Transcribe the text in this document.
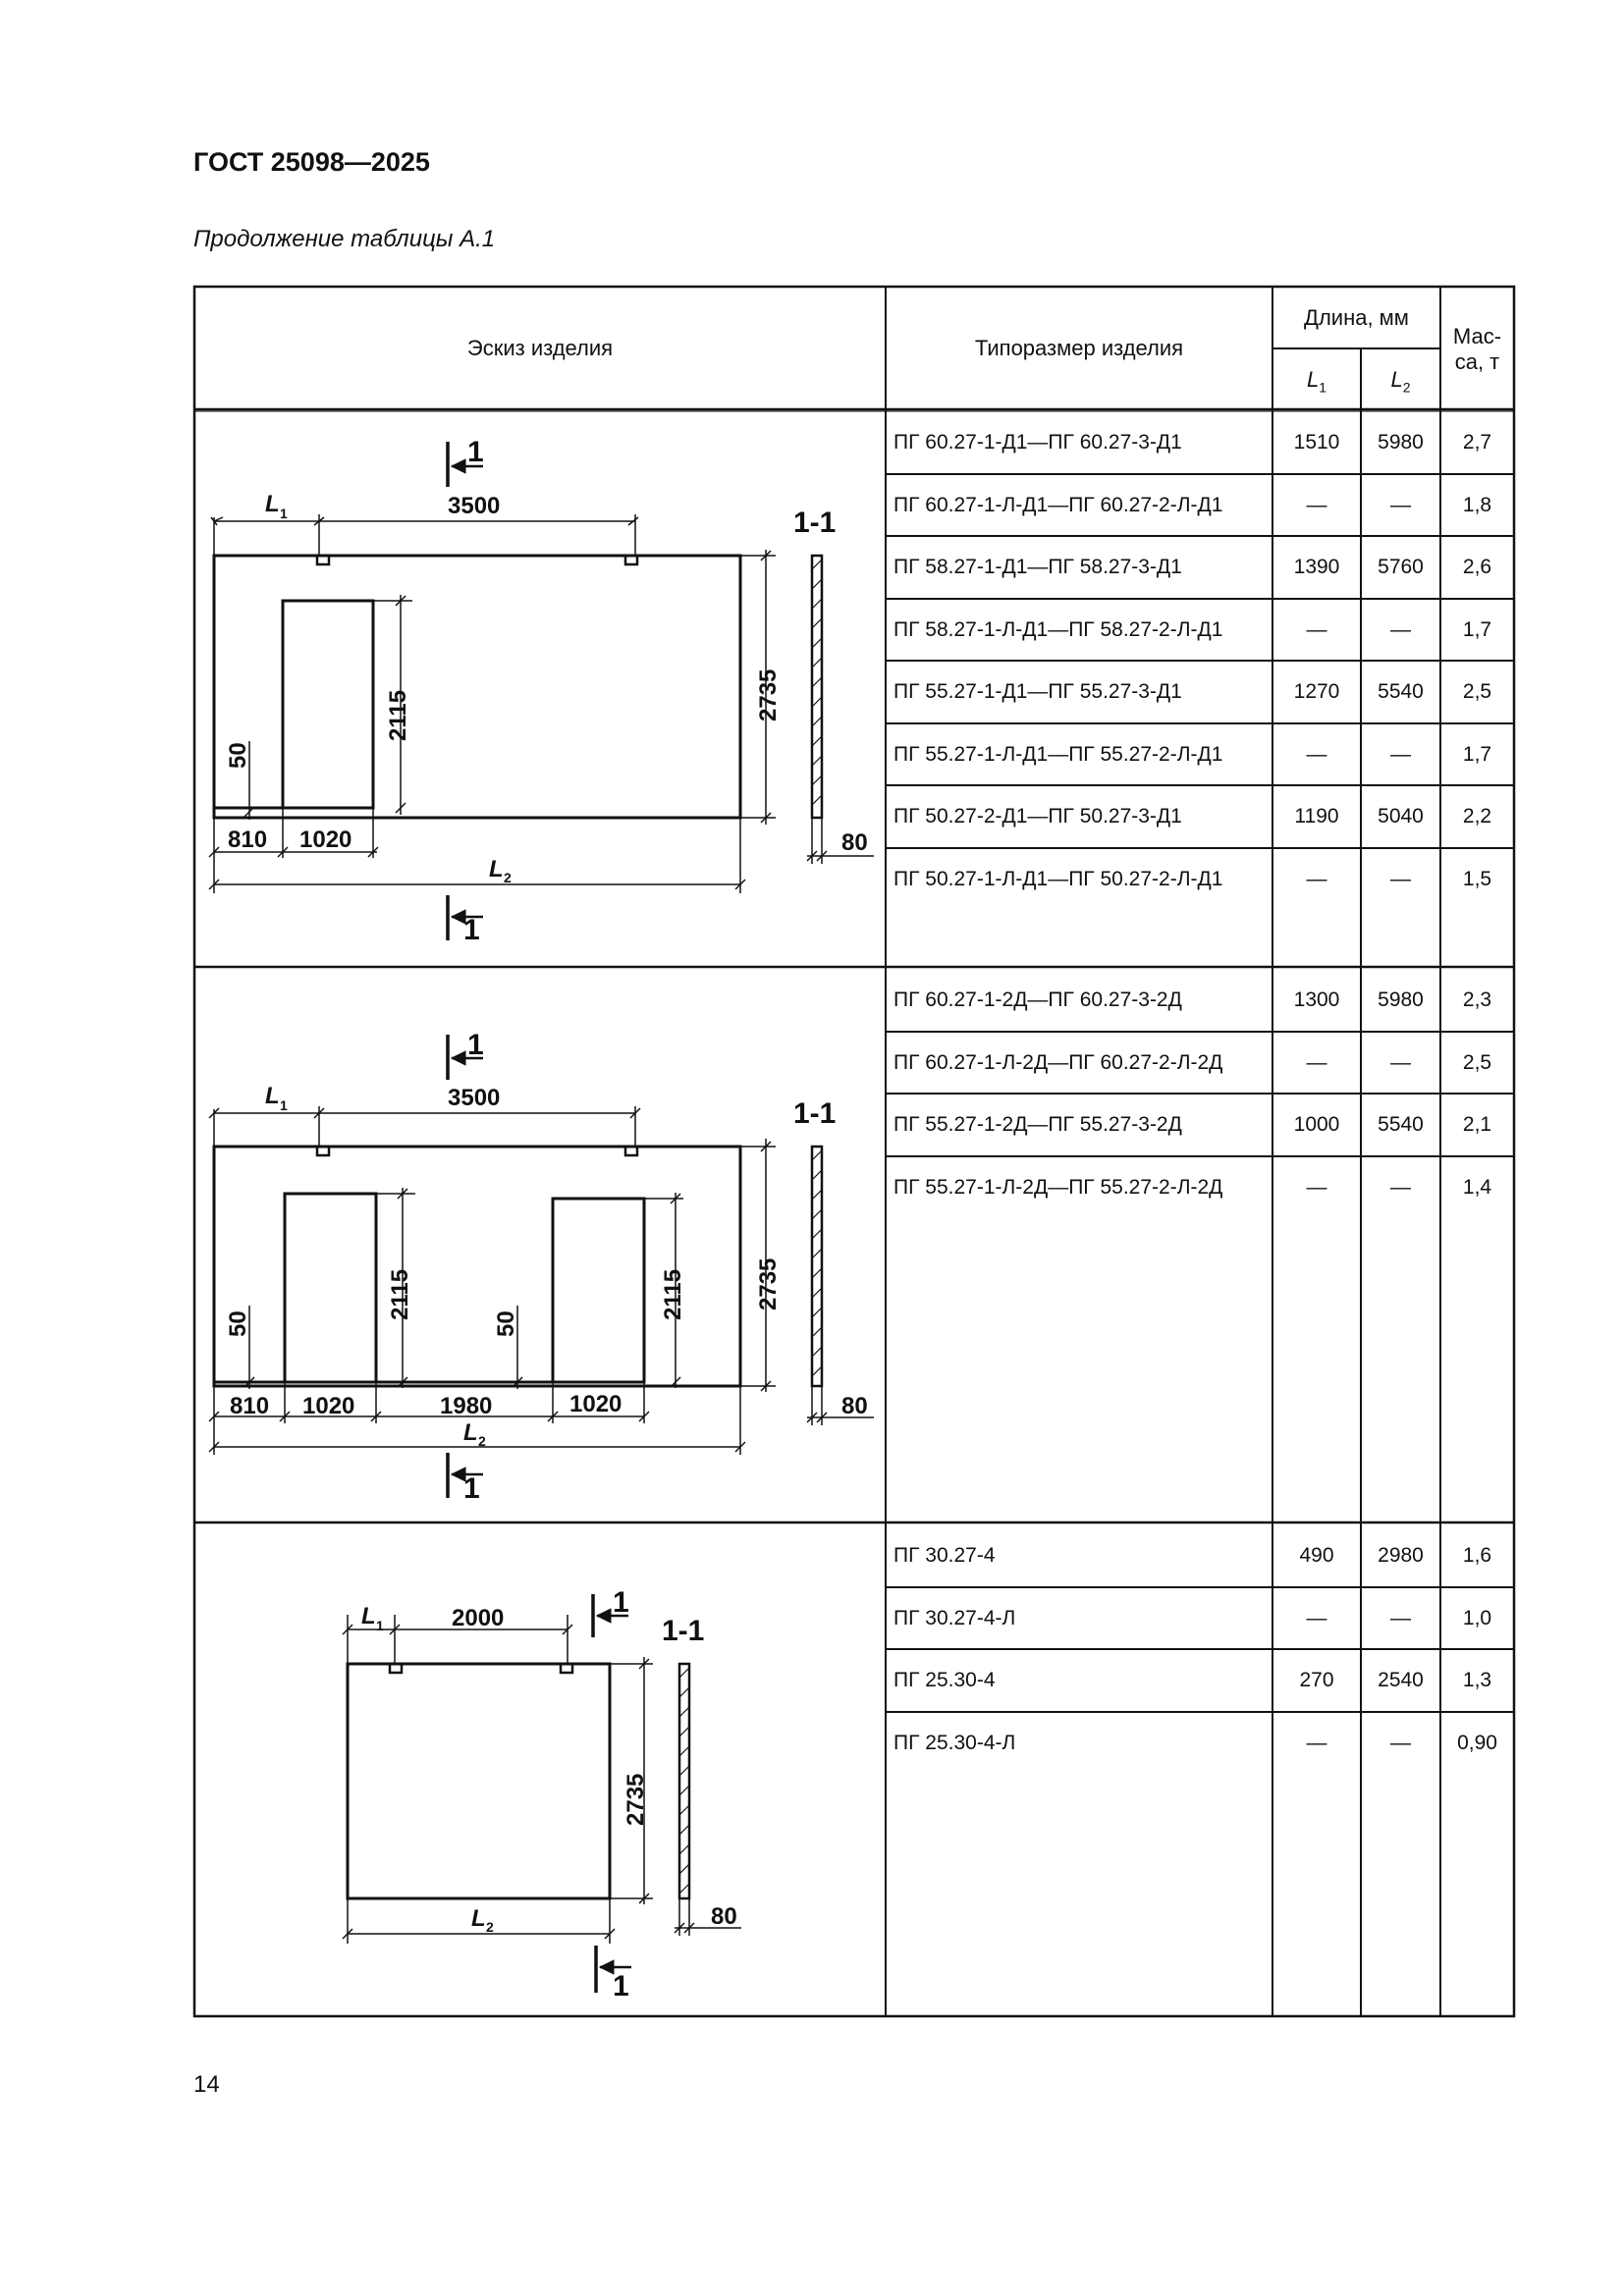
ГОСТ 25098—2025
Продолжение таблицы А.1
Эскиз изделия	Типоразмер изделия
Длина, мм
$L_1$	$L_2$
Мас-
са, т
ПГ 60.27-1-Д1—ПГ 60.27-3-Д1	1510	5980	2,7
ПГ 60.27-1-Л-Д1—ПГ 60.27-2-Л-Д1	—	—	1,8
ПГ 58.27-1-Д1—ПГ 58.27-3-Д1	1390	5760	2,6
ПГ 58.27-1-Л-Д1—ПГ 58.27-2-Л-Д1	—	—	1,7
ПГ 55.27-1-Д1—ПГ 55.27-3-Д1	1270	5540	2,5
ПГ 55.27-1-Л-Д1—ПГ 55.27-2-Л-Д1	—	—	1,7
ПГ 50.27-2-Д1—ПГ 50.27-3-Д1	1190	5040	2,2
ПГ 50.27-1-Л-Д1—ПГ 50.27-2-Л-Д1	—	—	1,5
ПГ 60.27-1-2Д—ПГ 60.27-3-2Д	1300	5980	2,3
ПГ 60.27-1-Л-2Д—ПГ 60.27-2-Л-2Д	—	—	2,5
ПГ 55.27-1-2Д—ПГ 55.27-3-2Д	1000	5540	2,1
ПГ 55.27-1-Л-2Д—ПГ 55.27-2-Л-2Д	—	—	1,4
ПГ 30.27-4	490	2980	1,6
ПГ 30.27-4-Л	—	—	1,0
ПГ 25.30-4	270	2540	1,3
ПГ 25.30-4-Л	—	—	0,90
1
1
1-1
L 1	3500
2735
2115
50
810 1020
L 2
80
1
1
1-1
L 1	3500
2735
2115	2115
50	50
810 1020	1980	1020
L 2
80
1
1
1-1
L 1	2000
2735
L 2	80
14
